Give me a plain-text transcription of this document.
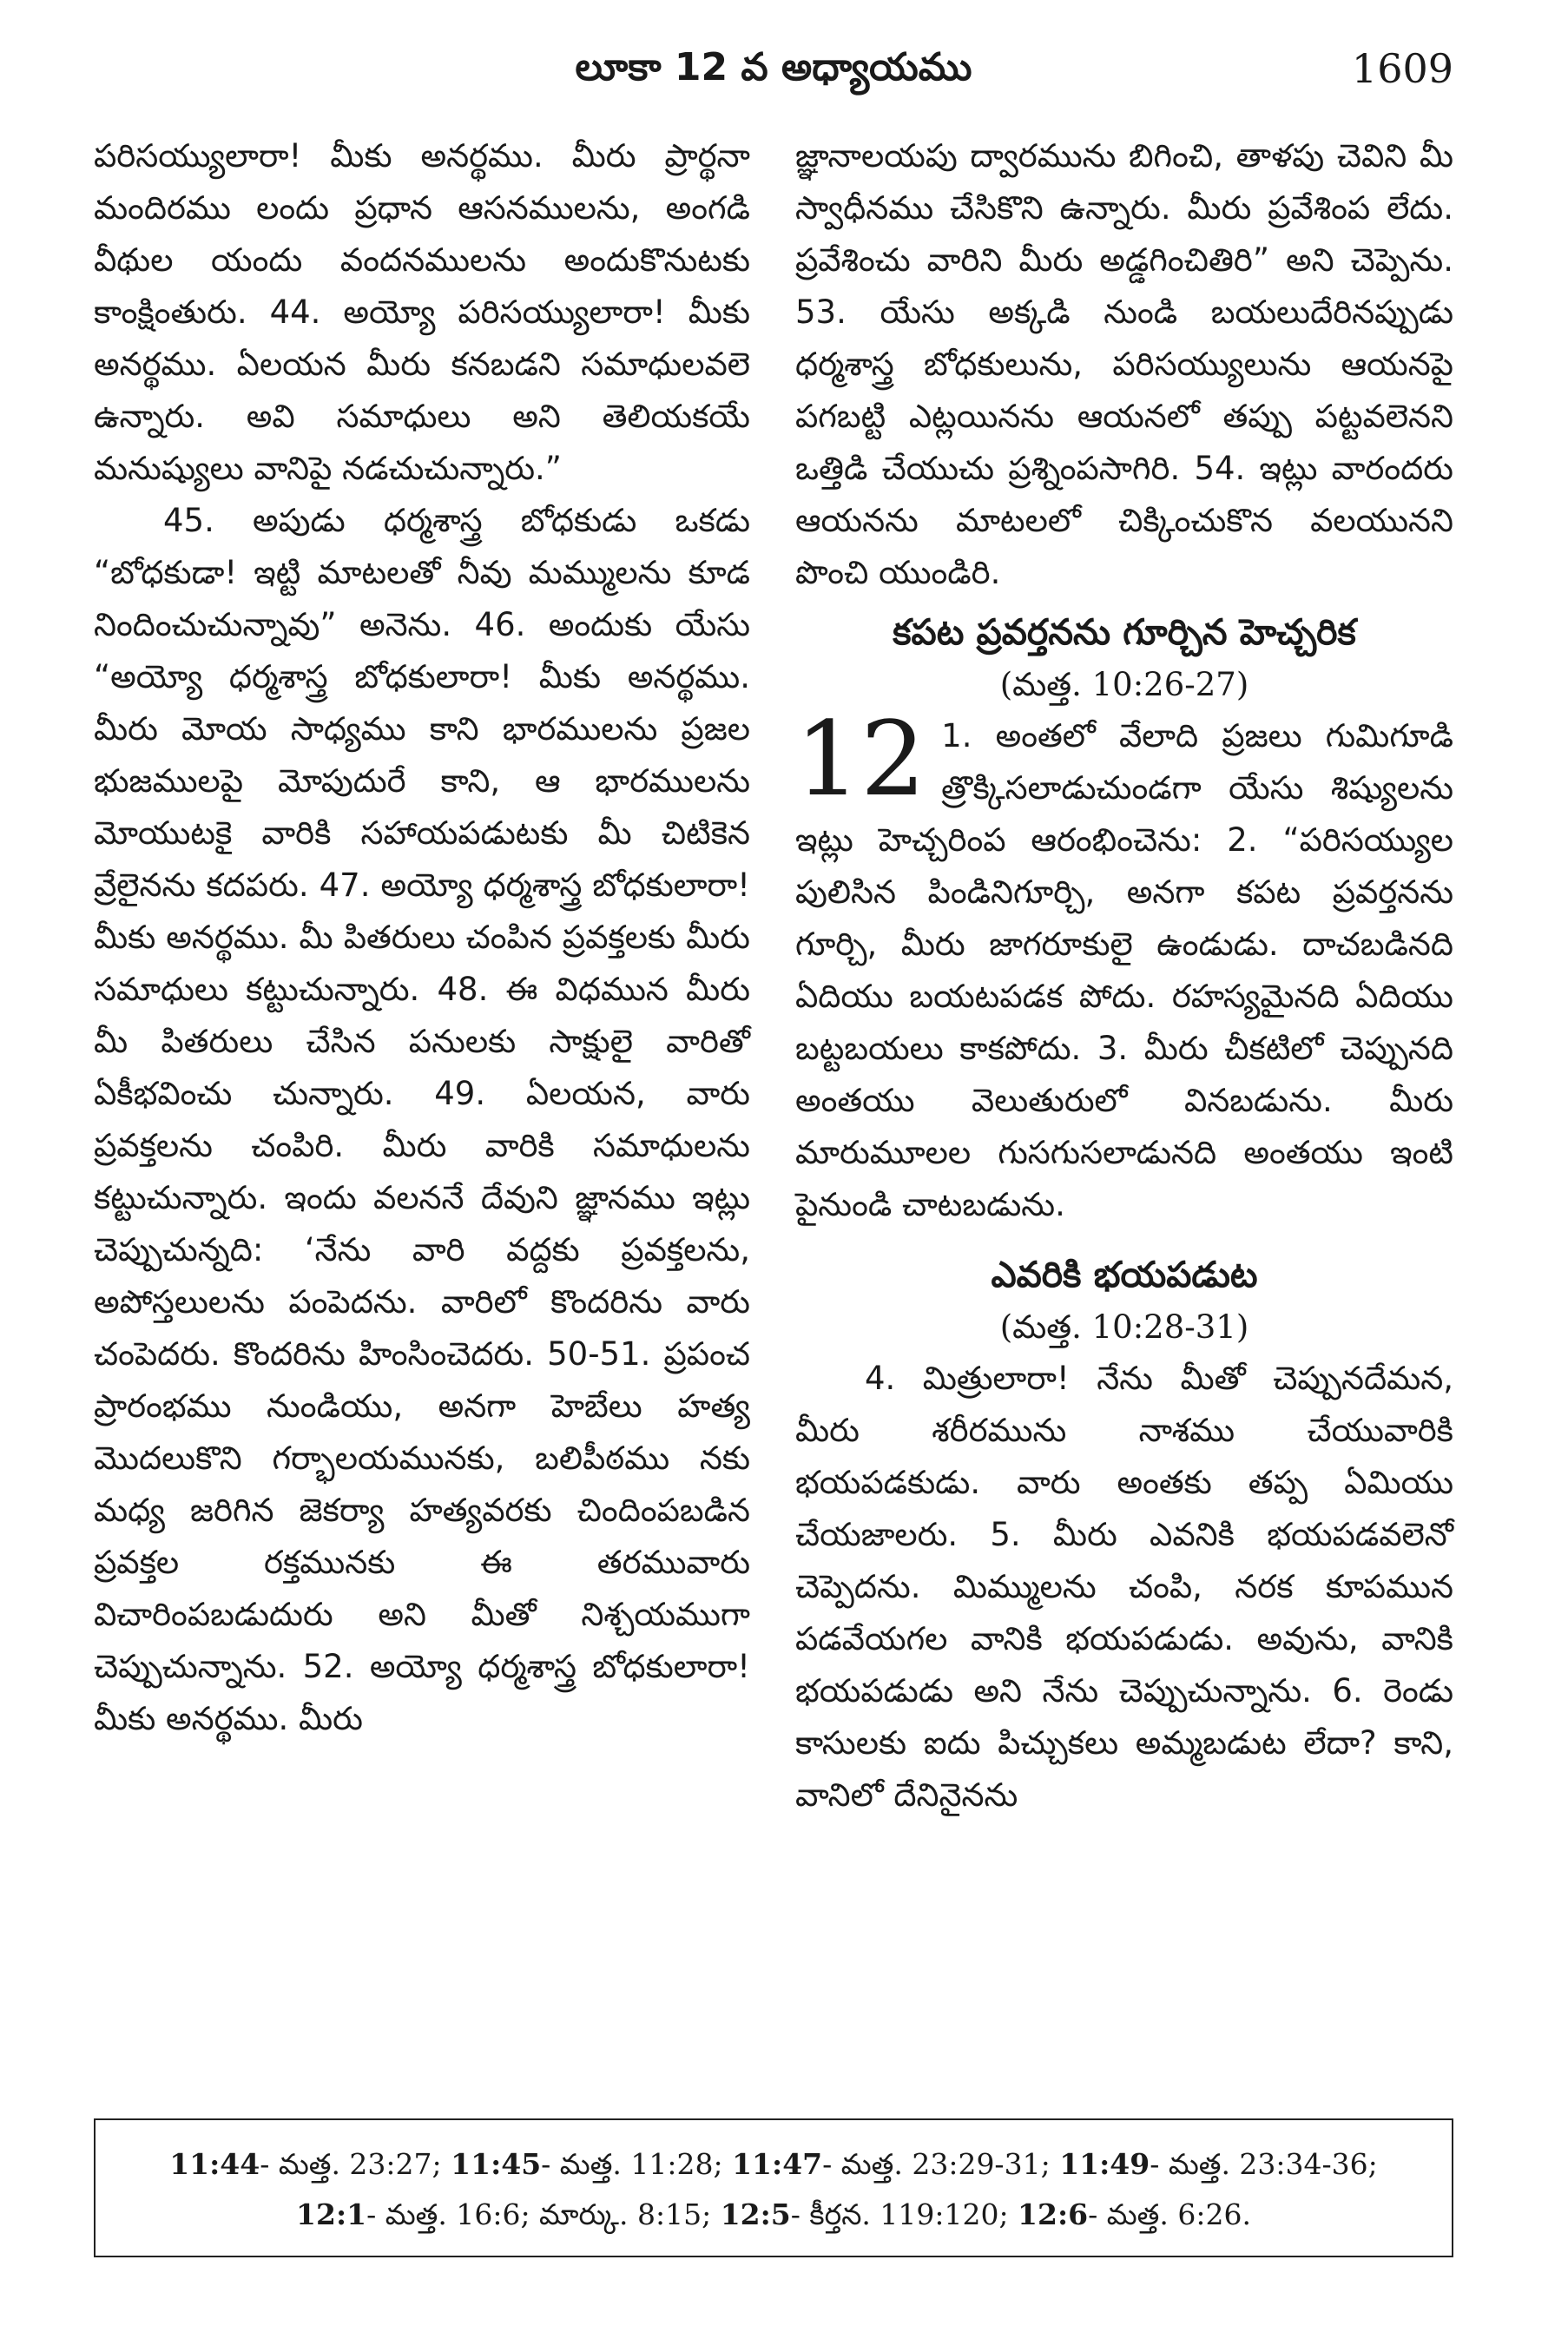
లూకా 12 వ అధ్యాయము	1609

పరిసయ్యులారా! మీకు అనర్థము. మీరు ప్రార్థనా మందిరము లందు ప్రధాన ఆసనములను, అంగడి వీథుల యందు వందనములను అందుకొనుటకు కాంక్షింతురు. 44. అయ్యో పరిసయ్యులారా! మీకు అనర్థము. ఏలయన మీరు కనబడని సమాధులవలె ఉన్నారు. అవి సమాధులు అని తెలియకయే మనుష్యులు వానిపై నడచుచున్నారు.”

45. అపుడు ధర్మశాస్త్ర బోధకుడు ఒకడు “బోధకుడా! ఇట్టి మాటలతో నీవు మమ్ములను కూడ నిందించుచున్నావు” అనెను. 46. అందుకు యేసు “అయ్యో ధర్మశాస్త్ర బోధకులారా! మీకు అనర్థము. మీరు మోయ సాధ్యము కాని భారములను ప్రజల భుజములపై మోపుదురే కాని, ఆ భారములను మోయుటకై వారికి సహాయపడుటకు మీ చిటికెన వ్రేలైనను కదపరు. 47. అయ్యో ధర్మశాస్త్ర బోధకులారా! మీకు అనర్థము. మీ పితరులు చంపిన ప్రవక్తలకు మీరు సమాధులు కట్టుచున్నారు. 48. ఈ విధమున మీరు మీ పితరులు చేసిన పనులకు సాక్షులై వారితో ఏకీభవించు చున్నారు. 49. ఏలయన, వారు ప్రవక్తలను చంపిరి. మీరు వారికి సమాధులను కట్టుచున్నారు. ఇందు వలననే దేవుని జ్ఞానము ఇట్లు చెప్పుచున్నది: ‘నేను వారి వద్దకు ప్రవక్తలను, అపోస్తలులను పంపెదను. వారిలో కొందరిను వారు చంపెదరు. కొందరిను హింసించెదరు. 50-51. ప్రపంచ ప్రారంభము నుండియు, అనగా హెబేలు హత్య మొదలుకొని గర్భాలయమునకు, బలిపీఠము నకు మధ్య జరిగిన జెకర్యా హత్యవరకు చిందింపబడిన ప్రవక్తల రక్తమునకు ఈ తరమువారు విచారింపబడుదురు అని మీతో నిశ్చయముగా చెప్పుచున్నాను. 52. అయ్యో ధర్మశాస్త్ర బోధకులారా! మీకు అనర్థము. మీరు

జ్ఞానాలయపు ద్వారమును బిగించి, తాళపు చెవిని మీ స్వాధీనము చేసికొని ఉన్నారు. మీరు ప్రవేశింప లేదు. ప్రవేశించు వారిని మీరు అడ్డగించితిరి” అని చెప్పెను. 53. యేసు అక్కడి నుండి బయలుదేరినప్పుడు ధర్మశాస్త్ర బోధకులును, పరిసయ్యులును ఆయనపై పగబట్టి ఎట్లయినను ఆయనలో తప్పు పట్టవలెనని ఒత్తిడి చేయుచు ప్రశ్నింపసాగిరి. 54. ఇట్లు వారందరు ఆయనను మాటలలో చిక్కించుకొన వలయునని పొంచి యుండిరి.

కపట ప్రవర్తనను గూర్చిన హెచ్చరిక
(మత్త. 10:26-27)

12 1. అంతలో వేలాది ప్రజలు గుమిగూడి త్రొక్కిసలాడుచుండగా యేసు శిష్యులను ఇట్లు హెచ్చరింప ఆరంభించెను: 2. “పరిసయ్యుల పులిసిన పిండినిగూర్చి, అనగా కపట ప్రవర్తనను గూర్చి, మీరు జాగరూకులై ఉండుడు. దాచబడినది ఏదియు బయటపడక పోదు. రహస్యమైనది ఏదియు బట్టబయలు కాకపోదు. 3. మీరు చీకటిలో చెప్పునది అంతయు వెలుతురులో వినబడును. మీరు మారుమూలల గుసగుసలాడునది అంతయు ఇంటి పైనుండి చాటబడును.

ఎవరికి భయపడుట
(మత్త. 10:28-31)

4. మిత్రులారా! నేను మీతో చెప్పునదేమన, మీరు శరీరమును నాశము చేయువారికి భయపడకుడు. వారు అంతకు తప్ప ఏమియు చేయజాలరు. 5. మీరు ఎవనికి భయపడవలెనో చెప్పెదను. మిమ్ములను చంపి, నరక కూపమున పడవేయగల వానికి భయపడుడు. అవును, వానికి భయపడుడు అని నేను చెప్పుచున్నాను. 6. రెండు కాసులకు ఐదు పిచ్చుకలు అమ్మబడుట లేదా? కాని, వానిలో దేనినైనను

11:44- మత్త. 23:27; 11:45- మత్త. 11:28; 11:47- మత్త. 23:29-31; 11:49- మత్త. 23:34-36;
12:1- మత్త. 16:6; మార్కు. 8:15; 12:5- కీర్తన. 119:120; 12:6- మత్త. 6:26.
